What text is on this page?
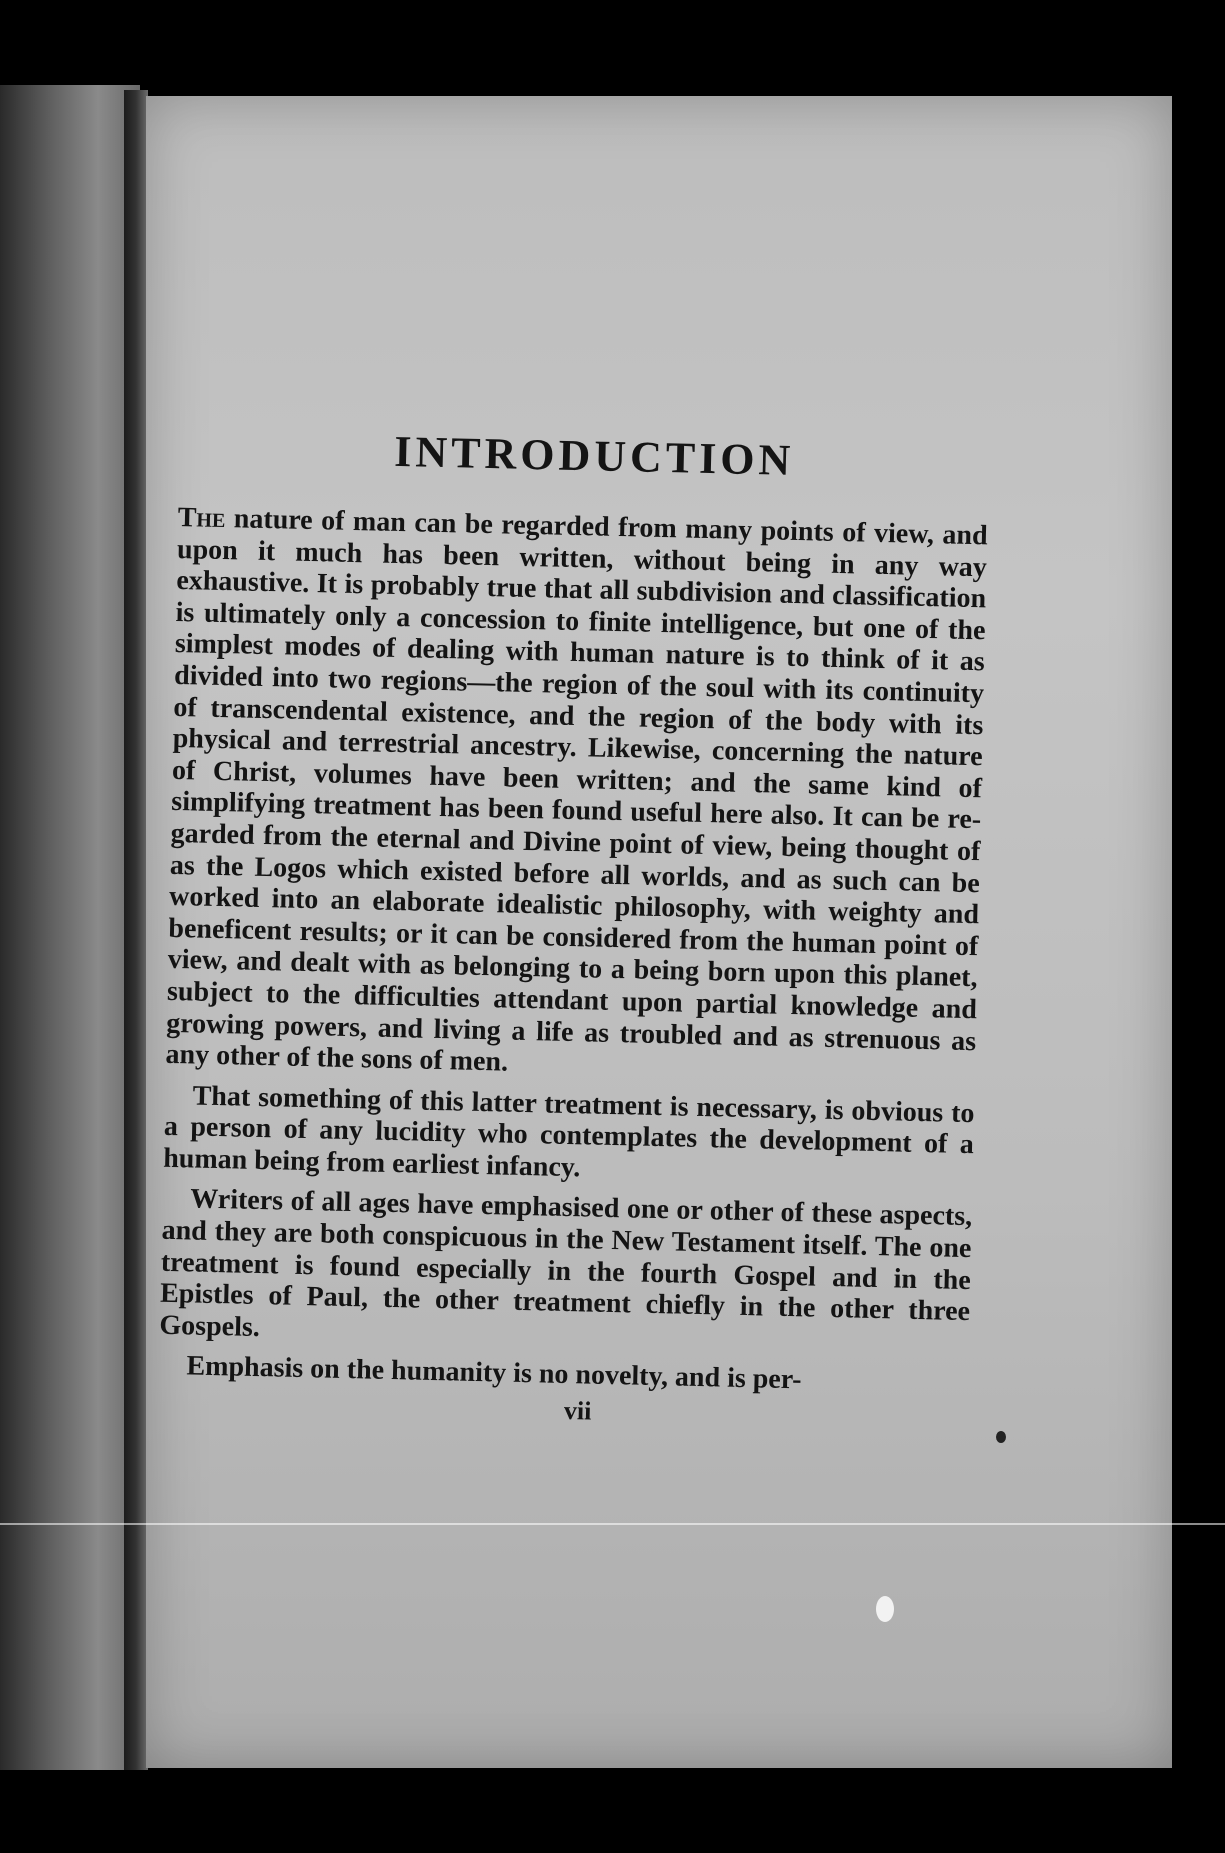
INTRODUCTION

The nature of man can be regarded from many points of view, and upon it much has been written, without being in any way exhaustive. It is probably true that all subdivision and classification is ultimately only a concession to finite intelligence, but one of the simplest modes of dealing with human nature is to think of it as divided into two regions—the region of the soul with its continuity of transcendental existence, and the region of the body with its physical and terrestrial ancestry. Likewise, concerning the nature of Christ, volumes have been written; and the same kind of simplifying treatment has been found useful here also. It can be regarded from the eternal and Divine point of view, being thought of as the Logos which existed before all worlds, and as such can be worked into an elaborate idealistic philosophy, with weighty and beneficent results; or it can be considered from the human point of view, and dealt with as belonging to a being born upon this planet, subject to the difficulties attendant upon partial knowledge and growing powers, and living a life as troubled and as strenuous as any other of the sons of men.

That something of this latter treatment is necessary, is obvious to a person of any lucidity who contemplates the development of a human being from earliest infancy.

Writers of all ages have emphasised one or other of these aspects, and they are both conspicuous in the New Testament itself. The one treatment is found especially in the fourth Gospel and in the Epistles of Paul, the other treatment chiefly in the other three Gospels.

Emphasis on the humanity is no novelty, and is per-

vii
